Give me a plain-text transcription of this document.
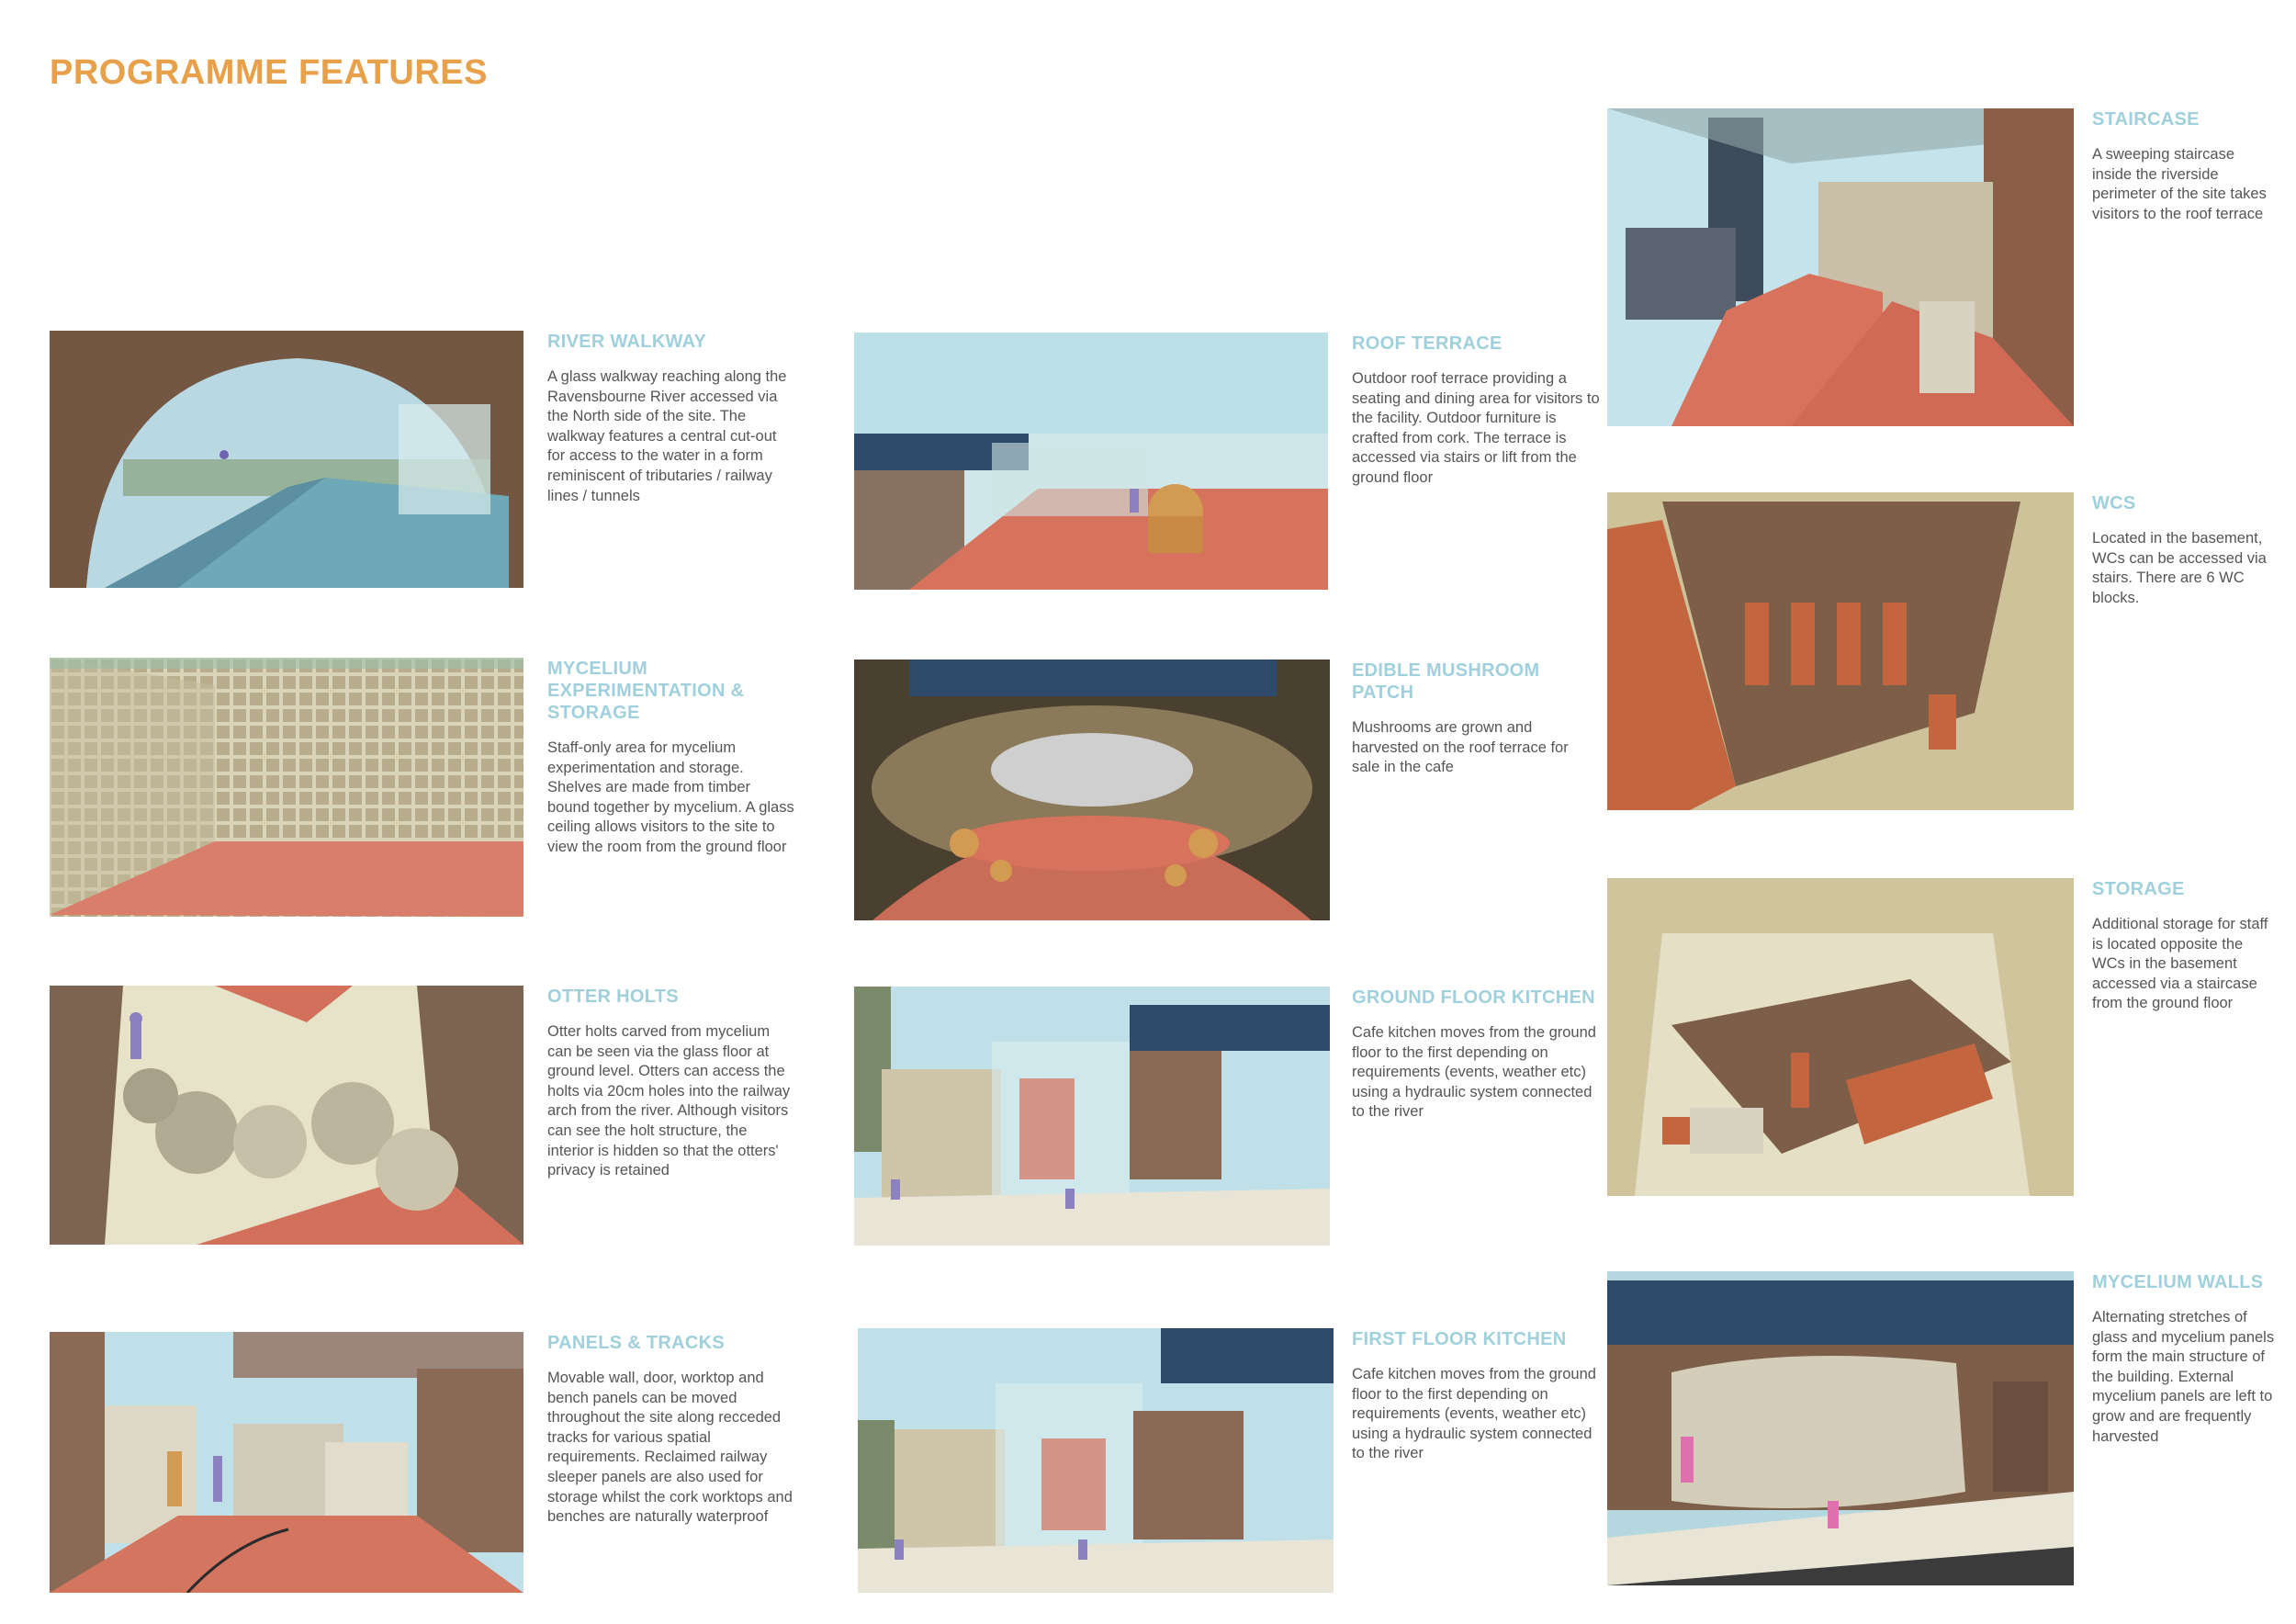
PROGRAMME FEATURES
RIVER WALKWAY

A glass walkway reaching along the Ravensbourne River accessed via the North side of the site. The walkway features a central cut-out for access to the water in a form reminiscent of tributaries / railway lines / tunnels

MYCELIUM EXPERIMENTATION & STORAGE

Staff-only area for mycelium experimentation and storage. Shelves are made from timber bound together by mycelium. A glass ceiling allows visitors to the site to view the room from the ground floor

OTTER HOLTS

Otter holts carved from mycelium can be seen via the glass floor at ground level. Otters can access the holts via 20cm holes into the railway arch from the river. Although visitors can see the holt structure, the interior is hidden so that the otters' privacy is retained

PANELS & TRACKS

Movable wall, door, worktop and bench panels can be moved throughout the site along recceded tracks for various spatial requirements. Reclaimed railway sleeper panels are also used for storage whilst the cork worktops and benches are naturally waterproof

ROOF TERRACE

Outdoor roof terrace providing a seating and dining area for visitors to the facility. Outdoor furniture is crafted from cork. The terrace is accessed via stairs or lift from the ground floor

EDIBLE MUSHROOM PATCH

Mushrooms are grown and harvested on the roof terrace for sale in the cafe

GROUND FLOOR KITCHEN

Cafe kitchen moves from the ground floor to the first depending on requirements (events, weather etc) using a hydraulic system connected to the river

FIRST FLOOR KITCHEN

Cafe kitchen moves from the ground floor to the first depending on requirements (events, weather etc) using a hydraulic system connected to the river

STAIRCASE

A sweeping staircase inside the riverside perimeter of the site takes visitors to the roof terrace

WCS

Located in the basement, WCs can be accessed via stairs. There are 6 WC blocks.

STORAGE

Additional storage for staff is located opposite the WCs in the basement accessed via a staircase from the ground floor

MYCELIUM WALLS

Alternating stretches of glass and mycelium panels form the main structure of the building. External mycelium panels are left to grow and are frequently harvested
